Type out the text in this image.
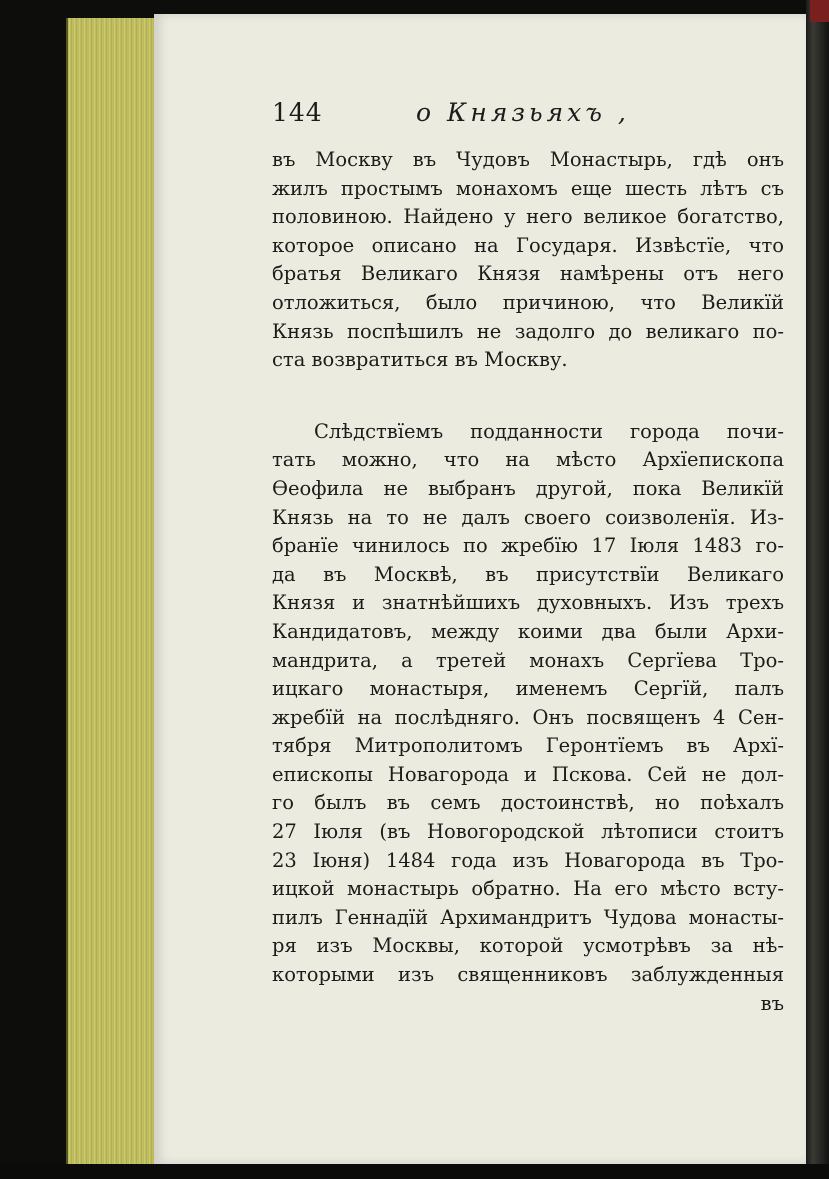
144	о Князьяхъ ,
въ Москву въ Чудовъ Монастырь, гдѣ онъ
жилъ простымъ монахомъ еще шесть лѣтъ съ
половиною. Найдено у него великое богатство,
которое описано на Государя. Извѣстїе, что
братья Великаго Князя намѣрены отъ него
отложиться, было причиною, что Великїй
Князь поспѣшилъ не задолго до великаго по-
ста возвратиться въ Москву.
Слѣдствїемъ подданности города почи-
тать можно, что на мѣсто Архїепископа
Ѳеофила не выбранъ другой, пока Великїй
Князь на то не далъ своего соизволенїя. Из-
бранїе чинилось по жребїю 17 Іюля 1483 го-
да въ Москвѣ, въ присутствїи Великаго
Князя и знатнѣйшихъ духовныхъ. Изъ трехъ
Кандидатовъ, между коими два были Архи-
мандрита, а третей монахъ Сергїева Тро-
ицкаго монастыря, именемъ Сергїй, палъ
жребїй на послѣдняго. Онъ посвященъ 4 Сен-
тября Митрополитомъ Геронтїемъ въ Архї-
епископы Новагорода и Пскова. Сей не дол-
го былъ въ семъ достоинствѣ, но поѣхалъ
27 Іюля (въ Новогородской лѣтописи стоитъ
23 Іюня) 1484 года изъ Новагорода въ Тро-
ицкой монастырь обратно. На его мѣсто всту-
пилъ Геннадїй Архимандритъ Чудова монасты-
ря изъ Москвы, которой усмотрѣвъ за нѣ-
которыми изъ священниковъ заблужденныя
въ
